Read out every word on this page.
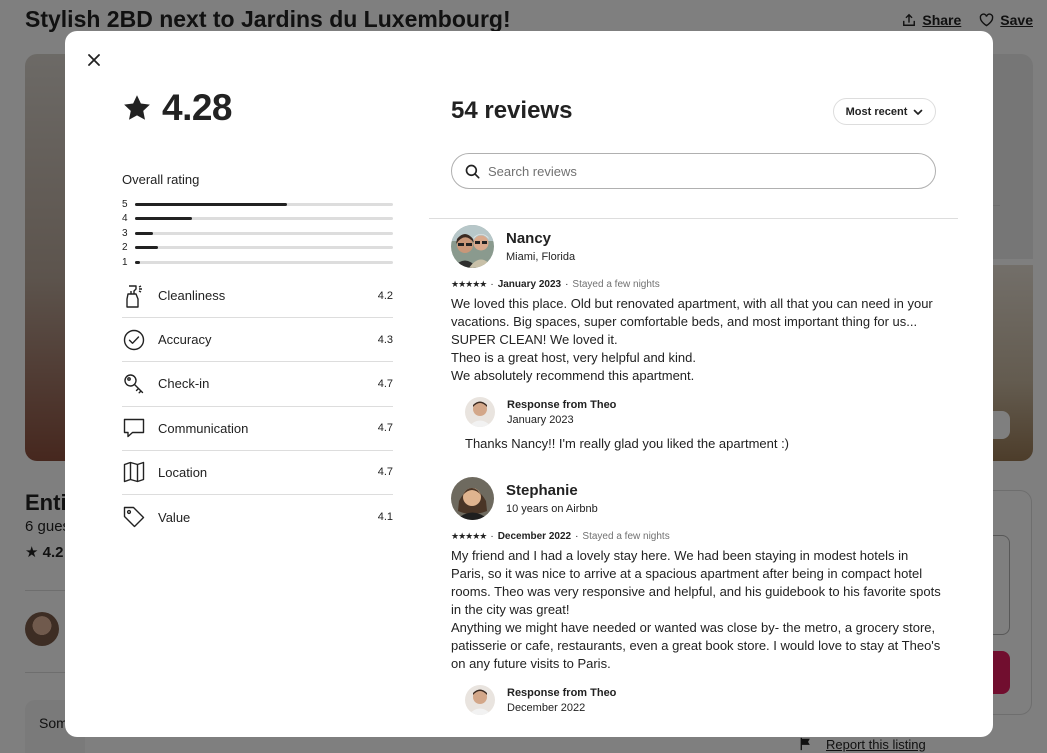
4.28
Overall rating
5
4
3
2
1
Cleanliness	4.2
Accuracy	4.3
Check-in	4.7
Communication	4.7
Location	4.7
Value	4.1
54 reviews	Most recent
Search reviews
Nancy
Miami, Florida
★★★★★ · January 2023 · Stayed a few nights
We loved this place. Old but renovated apartment, with all that you can need in your vacations. Big spaces, super comfortable beds, and most important thing for us... SUPER CLEAN! We loved it.
Theo is a great host, very helpful and kind.
We absolutely recommend this apartment.
Response from Theo
January 2023
Thanks Nancy!! I'm really glad you liked the apartment :)
Stephanie
10 years on Airbnb
★★★★★ · December 2022 · Stayed a few nights
My friend and I had a lovely stay here. We had been staying in modest hotels in Paris, so it was nice to arrive at a spacious apartment after being in compact hotel rooms. Theo was very responsive and helpful, and his guidebook to his favorite spots in the city was great!
Anything we might have needed or wanted was close by- the metro, a grocery store, patisserie or cafe, restaurants, even a great book store. I would love to stay at Theo's on any future visits to Paris.
Response from Theo
December 2022
